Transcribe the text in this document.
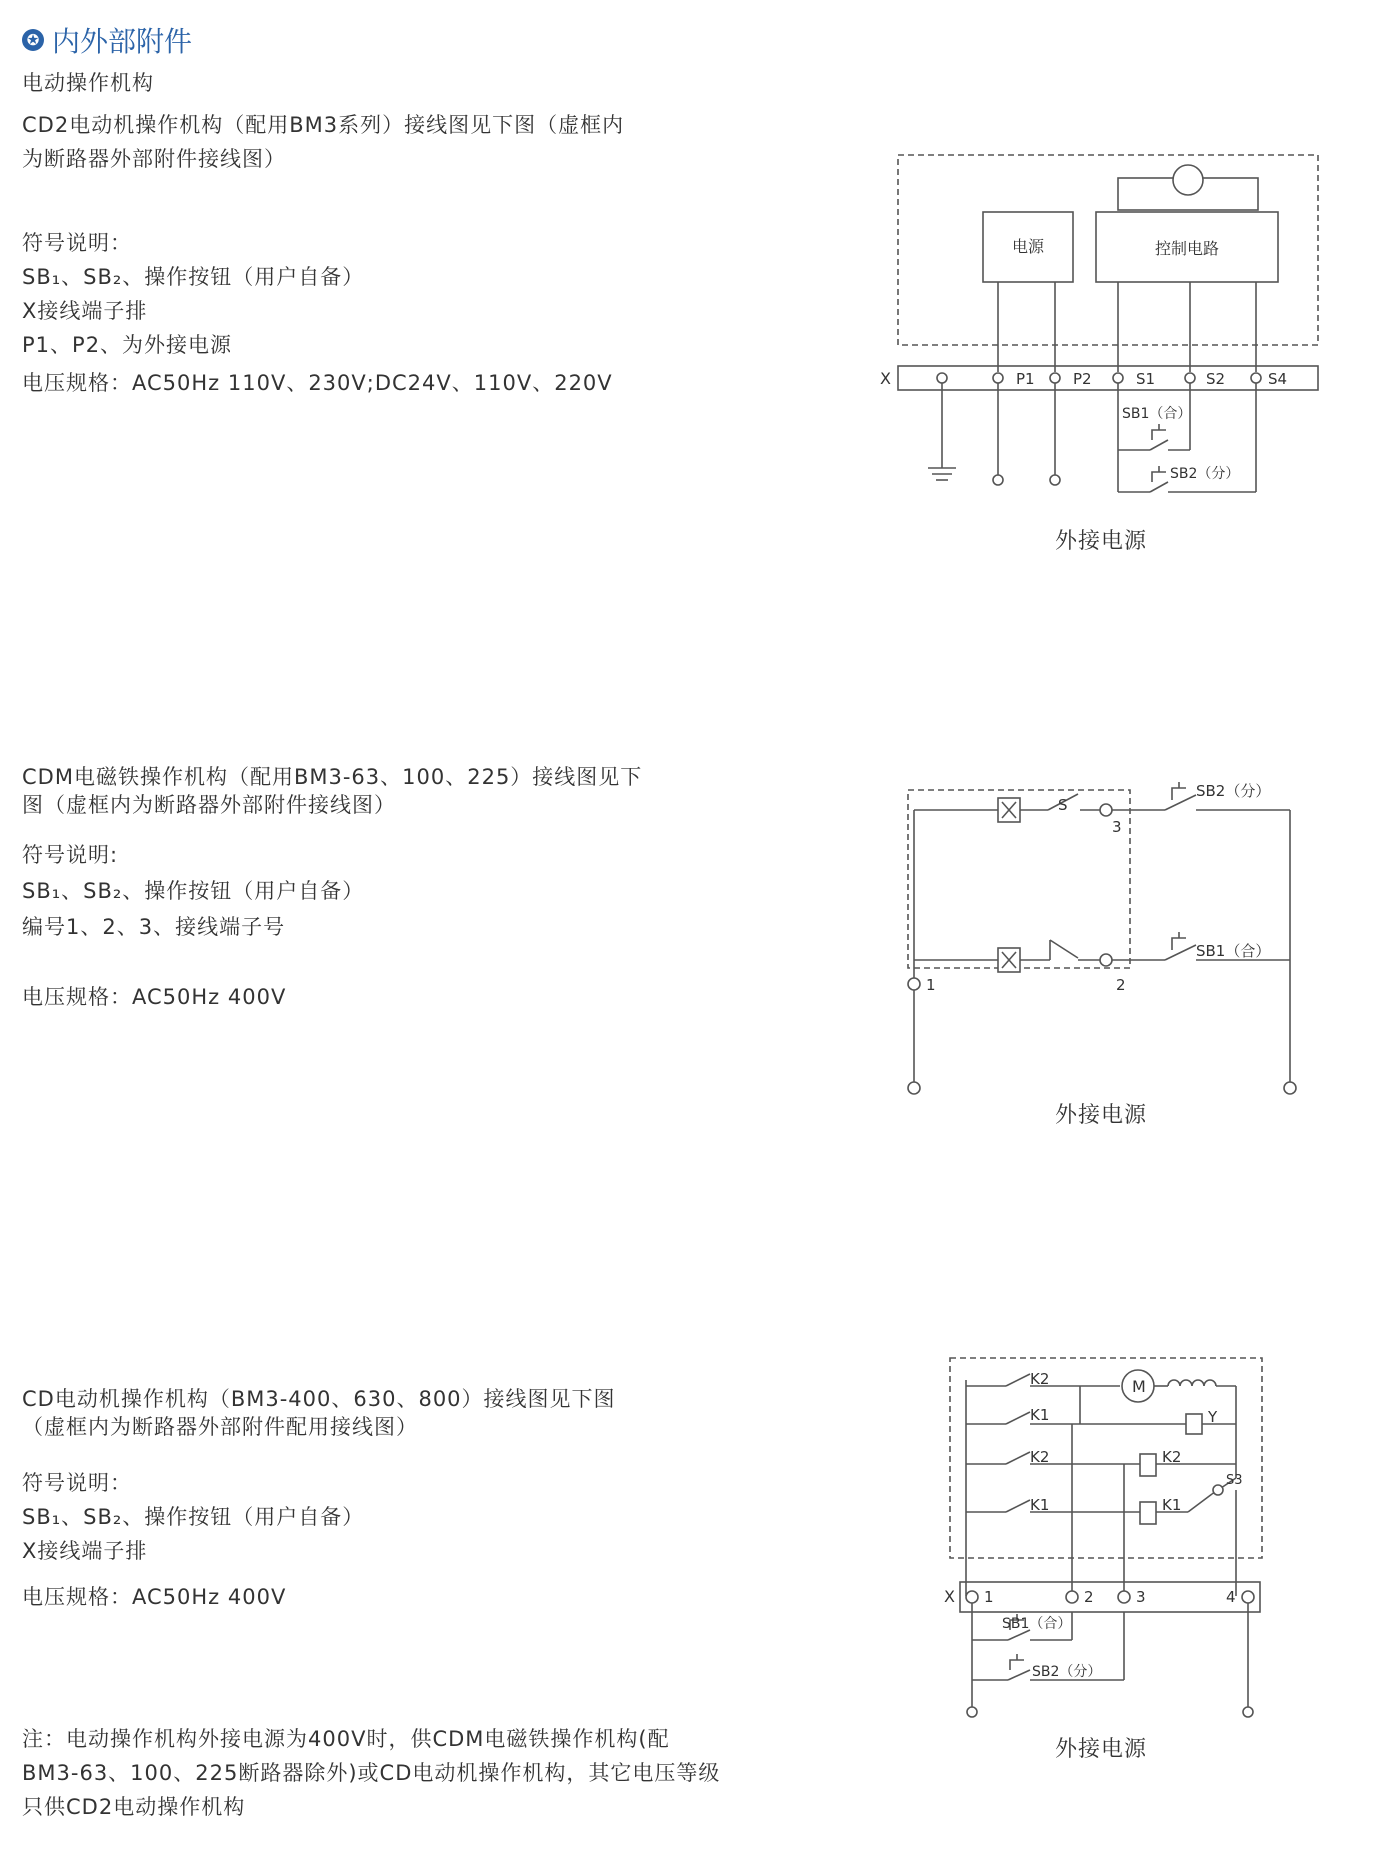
✪ 内外部附件
电动操作机构
CD2电动机操作机构（配用BM3系列）接线图见下图（虚框内
为断路器外部附件接线图）
符号说明：
SB₁、SB₂、操作按钮（用户自备）
X接线端子排
P1、P2、为外接电源
电压规格：AC50Hz 110V、230V;DC24V、110V、220V
CDM电磁铁操作机构（配用BM3-63、100、225）接线图见下
图（虚框内为断路器外部附件接线图）
符号说明:
SB₁、SB₂、操作按钮（用户自备）
编号1、2、3、接线端子号
电压规格：AC50Hz 400V
CD电动机操作机构（BM3-400、630、800）接线图见下图
（虚框内为断路器外部附件配用接线图）
符号说明：
SB₁、SB₂、操作按钮（用户自备）
X接线端子排
电压规格：AC50Hz 400V
注：电动操作机构外接电源为400V时，供CDM电磁铁操作机构(配
BM3-63、100、225断路器除外)或CD电动机操作机构，其它电压等级
只供CD2电动操作机构
电源	控制电路
X	P1	P2	S1	S2	S4
SB1（合）
SB2（分）
外接电源
S
3
SB2（分）
SB1（合）
1	2
外接电源
K2	M
K1	Y
K2	K2
S3
K1	K1
X 1	2	3	4
SB1（合）
SB2（分）
外接电源
